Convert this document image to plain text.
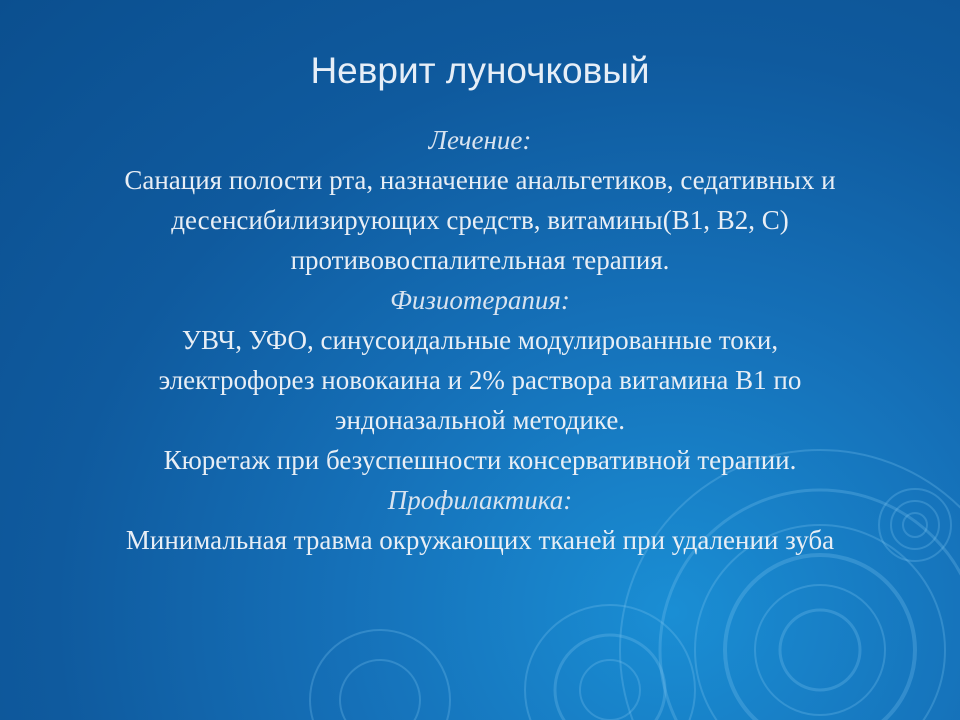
Неврит луночковый

Лечение:

Санация полости рта, назначение анальгетиков, седативных и

десенсибилизирующих средств, витамины(В1, В2, С)

противовоспалительная терапия.

Физиотерапия:

УВЧ, УФО, синусоидальные модулированные токи,

электрофорез новокаина и 2% раствора витамина В1 по

эндоназальной методике.

Кюретаж при безуспешности консервативной терапии.

Профилактика:

Минимальная травма окружающих тканей при удалении зуба
